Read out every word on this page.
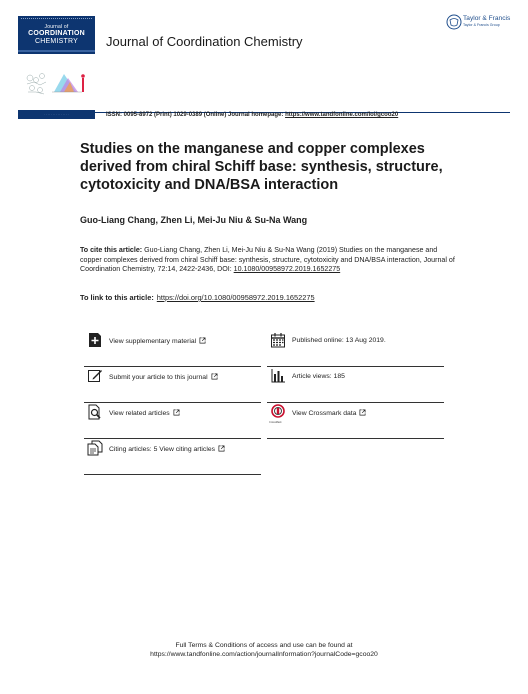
Journal of
COORDINATION
CHEMISTRY	Journal of Coordination Chemistry
Taylor & Francis
Taylor & Francis Group
. . . . . . . . . . . . . . .	ISSN: 0095-8972 (Print) 1029-0389 (Online) Journal homepage: https://www.tandfonline.com/loi/gcoo20
Studies on the manganese and copper complexes derived from chiral Schiff base: synthesis, structure, cytotoxicity and DNA/BSA interaction
Guo-Liang Chang, Zhen Li, Mei-Ju Niu & Su-Na Wang
To cite this article: Guo-Liang Chang, Zhen Li, Mei-Ju Niu & Su-Na Wang (2019) Studies on the manganese and copper complexes derived from chiral Schiff base: synthesis, structure, cytotoxicity and DNA/BSA interaction, Journal of Coordination Chemistry, 72:14, 2422-2436, DOI: 10.1080/00958972.2019.1652275
To link to this article: https://doi.org/10.1080/00958972.2019.1652275
View supplementary material
Submit your article to this journal
View related articles
Citing articles: 5 View citing articles
Published online: 13 Aug 2019.
Article views: 185
CrossMark
View Crossmark data
Full Terms & Conditions of access and use can be found at
https://www.tandfonline.com/action/journalInformation?journalCode=gcoo20
